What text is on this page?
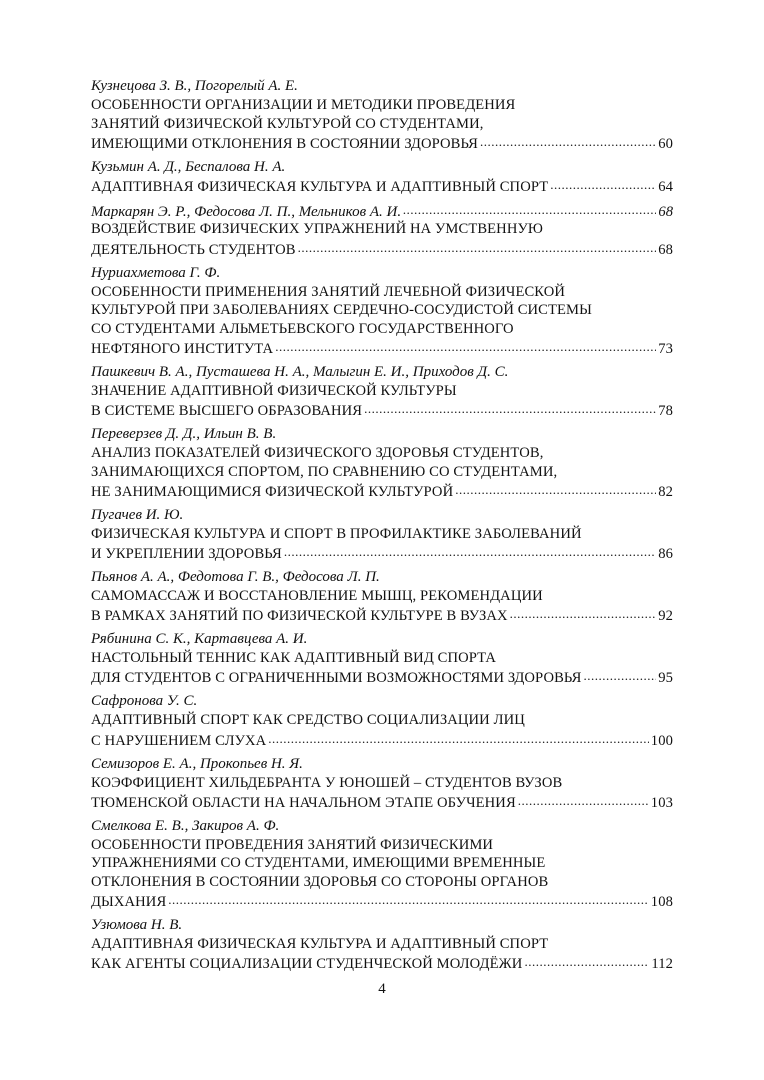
Кузнецова З. В., Погорелый А. Е.
ОСОБЕННОСТИ ОРГАНИЗАЦИИ И МЕТОДИКИ ПРОВЕДЕНИЯ
ЗАНЯТИЙ ФИЗИЧЕСКОЙ КУЛЬТУРОЙ СО СТУДЕНТАМИ,
ИМЕЮЩИМИ ОТКЛОНЕНИЯ В СОСТОЯНИИ ЗДОРОВЬЯ .....	60
Кузьмин А. Д., Беспалова Н. А.
АДАПТИВНАЯ ФИЗИЧЕСКАЯ КУЛЬТУРА И АДАПТИВНЫЙ СПОРТ .....	64
Маркарян Э. Р., Федосова Л. П., Мельников А. И. .....	68
ВОЗДЕЙСТВИЕ ФИЗИЧЕСКИХ УПРАЖНЕНИЙ НА УМСТВЕННУЮ
ДЕЯТЕЛЬНОСТЬ СТУДЕНТОВ .....	68
Нуриахметова Г. Ф.
ОСОБЕННОСТИ ПРИМЕНЕНИЯ ЗАНЯТИЙ ЛЕЧЕБНОЙ ФИЗИЧЕСКОЙ
КУЛЬТУРОЙ ПРИ ЗАБОЛЕВАНИЯХ СЕРДЕЧНО-СОСУДИСТОЙ СИСТЕМЫ
СО СТУДЕНТАМИ АЛЬМЕТЬЕВСКОГО ГОСУДАРСТВЕННОГО
НЕФТЯНОГО ИНСТИТУТА .....	73
Пашкевич В. А., Пусташева Н. А., Малыгин Е. И., Приходов Д. С.
ЗНАЧЕНИЕ АДАПТИВНОЙ ФИЗИЧЕСКОЙ КУЛЬТУРЫ
В СИСТЕМЕ ВЫСШЕГО ОБРАЗОВАНИЯ .....	78
Переверзев Д. Д., Ильин В. В.
АНАЛИЗ ПОКАЗАТЕЛЕЙ ФИЗИЧЕСКОГО ЗДОРОВЬЯ СТУДЕНТОВ,
ЗАНИМАЮЩИХСЯ СПОРТОМ, ПО СРАВНЕНИЮ СО СТУДЕНТАМИ,
НЕ ЗАНИМАЮЩИМИСЯ ФИЗИЧЕСКОЙ КУЛЬТУРОЙ .....	82
Пугачев И. Ю.
ФИЗИЧЕСКАЯ КУЛЬТУРА И СПОРТ В ПРОФИЛАКТИКЕ ЗАБОЛЕВАНИЙ
И УКРЕПЛЕНИИ ЗДОРОВЬЯ .....	86
Пьянов А. А., Федотова Г. В., Федосова Л. П.
САМОМАССАЖ И ВОССТАНОВЛЕНИЕ МЫШЦ, РЕКОМЕНДАЦИИ
В РАМКАХ ЗАНЯТИЙ ПО ФИЗИЧЕСКОЙ КУЛЬТУРЕ В ВУЗАХ .....	92
Рябинина С. К., Картавцева А. И.
НАСТОЛЬНЫЙ ТЕННИС КАК АДАПТИВНЫЙ ВИД СПОРТА
ДЛЯ СТУДЕНТОВ С ОГРАНИЧЕННЫМИ ВОЗМОЖНОСТЯМИ ЗДОРОВЬЯ .....	95
Сафронова У. С.
АДАПТИВНЫЙ СПОРТ КАК СРЕДСТВО СОЦИАЛИЗАЦИИ ЛИЦ
С НАРУШЕНИЕМ СЛУХА .....	100
Семизоров Е. А., Прокопьев Н. Я.
КОЭФФИЦИЕНТ ХИЛЬДЕБРАНТА У ЮНОШЕЙ – СТУДЕНТОВ ВУЗОВ
ТЮМЕНСКОЙ ОБЛАСТИ НА НАЧАЛЬНОМ ЭТАПЕ ОБУЧЕНИЯ .....	103
Смелкова Е. В., Закиров А. Ф.
ОСОБЕННОСТИ ПРОВЕДЕНИЯ ЗАНЯТИЙ ФИЗИЧЕСКИМИ
УПРАЖНЕНИЯМИ СО СТУДЕНТАМИ, ИМЕЮЩИМИ ВРЕМЕННЫЕ
ОТКЛОНЕНИЯ В СОСТОЯНИИ ЗДОРОВЬЯ СО СТОРОНЫ ОРГАНОВ
ДЫХАНИЯ .....	108
Узюмова Н. В.
АДАПТИВНАЯ ФИЗИЧЕСКАЯ КУЛЬТУРА И АДАПТИВНЫЙ СПОРТ
КАК АГЕНТЫ СОЦИАЛИЗАЦИИ СТУДЕНЧЕСКОЙ МОЛОДЁЖИ .....	112
4
